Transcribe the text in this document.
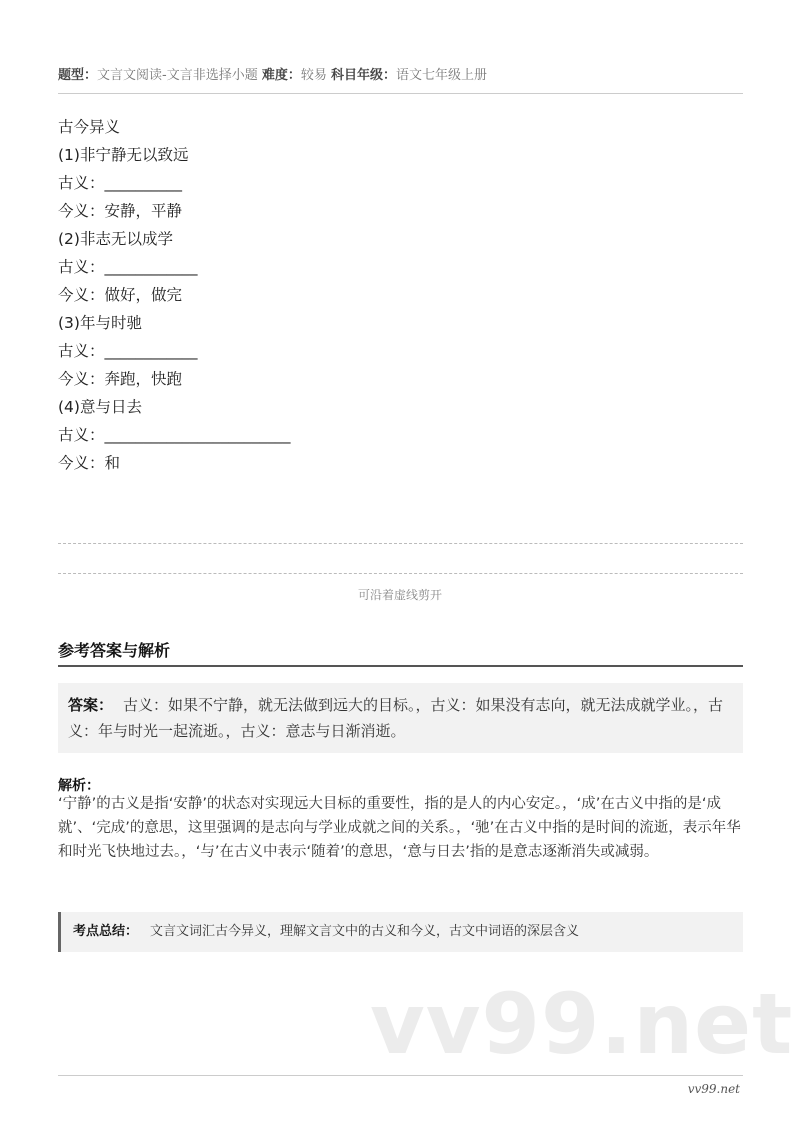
题型：文言文阅读-文言非选择小题 难度：较易 科目年级：语文七年级上册
古今异义
(1)非宁静无以致远
古义：__________
今义：安静，平静
(2)非志无以成学
古义：____________
今义：做好，做完
(3)年与时驰
古义：____________
今义：奔跑，快跑
(4)意与日去
古义：________________________
今义：和
可沿着虚线剪开
参考答案与解析
答案： 古义：如果不宁静，就无法做到远大的目标。，古义：如果没有志向，就无法成就学业。，古义：年与时光一起流逝。，古义：意志与日渐消逝。
解析：
‘宁静’的古义是指‘安静’的状态对实现远大目标的重要性，指的是人的内心安定。，‘成’在古义中指的是‘成就’、‘完成’的意思，这里强调的是志向与学业成就之间的关系。，‘驰’在古义中指的是时间的流逝，表示年华和时光飞快地过去。，‘与’在古义中表示‘随着’的意思，‘意与日去’指的是意志逐渐消失或减弱。
考点总结： 文言文词汇古今异义，理解文言文中的古义和今义，古文中词语的深层含义
vv99.net
vv99.net
